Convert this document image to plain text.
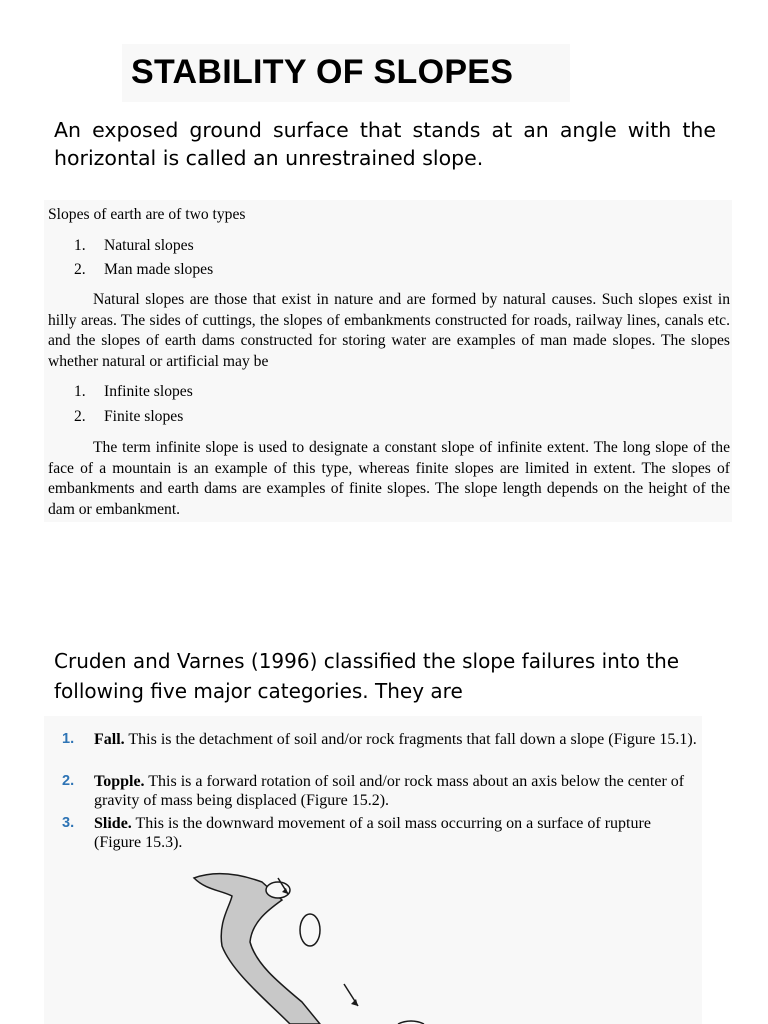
STABILITY OF SLOPES

An exposed ground surface that stands at an angle with the horizontal is called an unrestrained slope.

Slopes of earth are of two types

1. Natural slopes
2. Man made slopes

Natural slopes are those that exist in nature and are formed by natural causes. Such slopes exist in hilly areas. The sides of cuttings, the slopes of embankments constructed for roads, railway lines, canals etc. and the slopes of earth dams constructed for storing water are examples of man made slopes. The slopes whether natural or artificial may be

1. Infinite slopes
2. Finite slopes

The term infinite slope is used to designate a constant slope of infinite extent. The long slope of the face of a mountain is an example of this type, whereas finite slopes are limited in extent. The slopes of embankments and earth dams are examples of finite slopes. The slope length depends on the height of the dam or embankment.

Cruden and Varnes (1996) classified the slope failures into the following five major categories. They are

1. Fall. This is the detachment of soil and/or rock fragments that fall down a slope (Figure 15.1).
2. Topple. This is a forward rotation of soil and/or rock mass about an axis below the center of gravity of mass being displaced (Figure 15.2).
3. Slide. This is the downward movement of a soil mass occurring on a surface of rupture (Figure 15.3).
